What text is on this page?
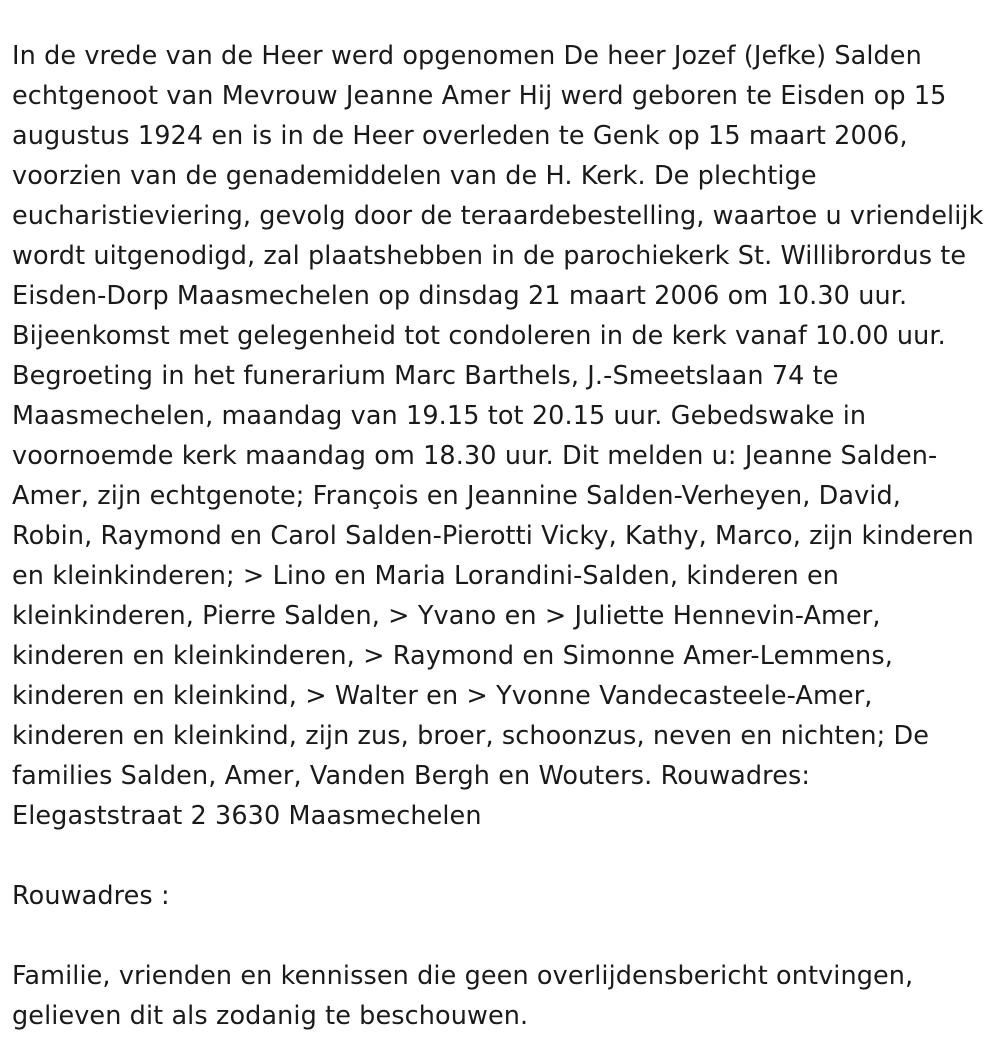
In de vrede van de Heer werd opgenomen De heer Jozef (Jefke) Salden echtgenoot van Mevrouw Jeanne Amer Hij werd geboren te Eisden op 15 augustus 1924 en is in de Heer overleden te Genk op 15 maart 2006, voorzien van de genademiddelen van de H. Kerk. De plechtige eucharistieviering, gevolg door de teraardebestelling, waartoe u vriendelijk wordt uitgenodigd, zal plaatshebben in de parochiekerk St. Willibrordus te Eisden-Dorp Maasmechelen op dinsdag 21 maart 2006 om 10.30 uur. Bijeenkomst met gelegenheid tot condoleren in de kerk vanaf 10.00 uur. Begroeting in het funerarium Marc Barthels, J.-Smeetslaan 74 te Maasmechelen, maandag van 19.15 tot 20.15 uur. Gebedswake in voornoemde kerk maandag om 18.30 uur. Dit melden u: Jeanne Salden-Amer, zijn echtgenote; François en Jeannine Salden-Verheyen, David, Robin, Raymond en Carol Salden-Pierotti Vicky, Kathy, Marco, zijn kinderen en kleinkinderen; > Lino en Maria Lorandini-Salden, kinderen en kleinkinderen, Pierre Salden, > Yvano en > Juliette Hennevin-Amer, kinderen en kleinkinderen, > Raymond en Simonne Amer-Lemmens, kinderen en kleinkind, > Walter en > Yvonne Vandecasteele-Amer, kinderen en kleinkind, zijn zus, broer, schoonzus, neven en nichten; De families Salden, Amer, Vanden Bergh en Wouters. Rouwadres: Elegaststraat 2 3630 Maasmechelen

Rouwadres :

Familie, vrienden en kennissen die geen overlijdensbericht ontvingen, gelieven dit als zodanig te beschouwen.
